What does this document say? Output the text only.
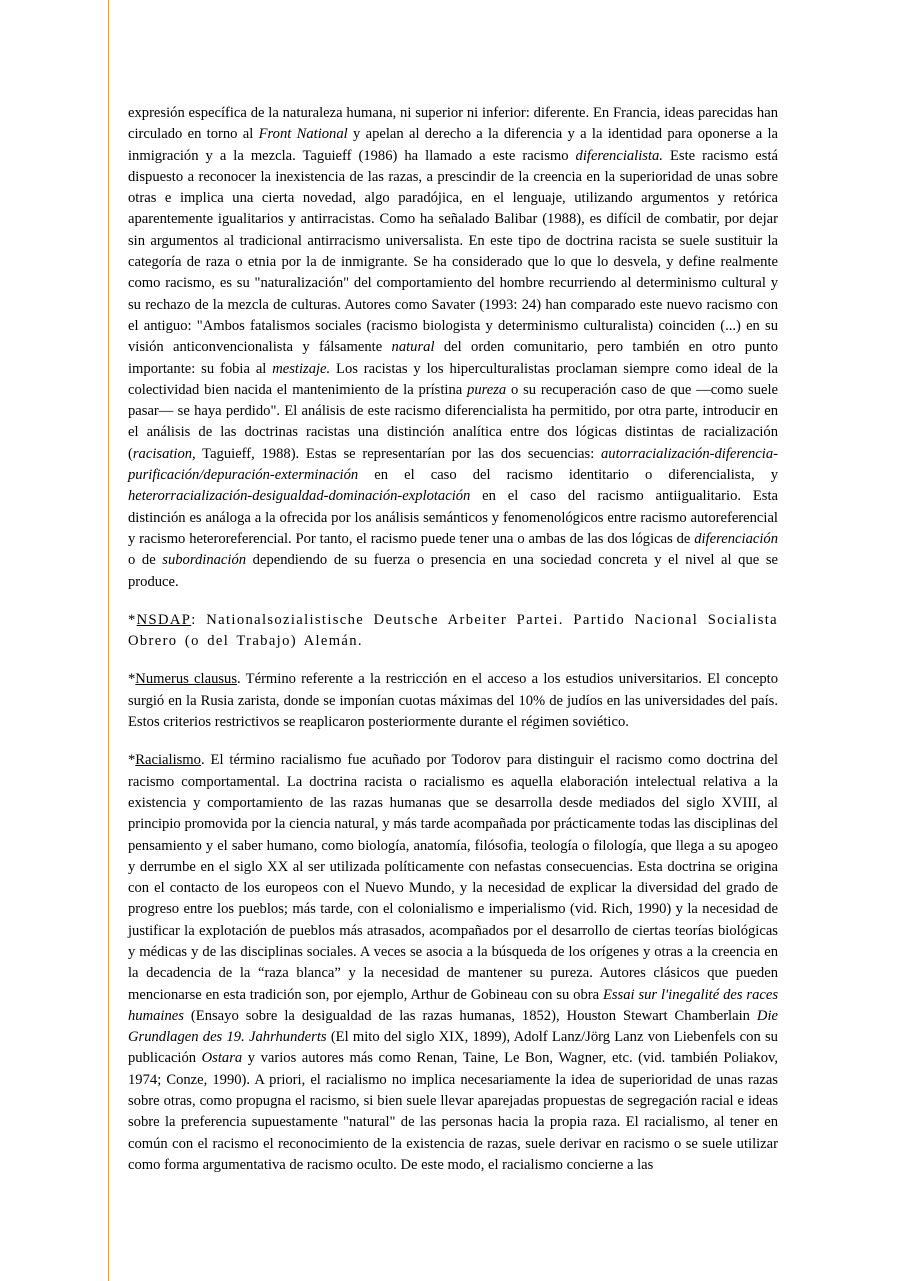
expresión específica de la naturaleza humana, ni superior ni inferior: diferente. En Francia, ideas parecidas han circulado en torno al Front National y apelan al derecho a la diferencia y a la identidad para oponerse a la inmigración y a la mezcla. Taguieff (1986) ha llamado a este racismo diferencialista. Este racismo está dispuesto a reconocer la inexistencia de las razas, a prescindir de la creencia en la superioridad de unas sobre otras e implica una cierta novedad, algo paradójica, en el lenguaje, utilizando argumentos y retórica aparentemente igualitarios y antirracistas. Como ha señalado Balibar (1988), es difícil de combatir, por dejar sin argumentos al tradicional antirracismo universalista. En este tipo de doctrina racista se suele sustituir la categoría de raza o etnia por la de inmigrante. Se ha considerado que lo que lo desvela, y define realmente como racismo, es su "naturalización" del comportamiento del hombre recurriendo al determinismo cultural y su rechazo de la mezcla de culturas. Autores como Savater (1993: 24) han comparado este nuevo racismo con el antiguo: "Ambos fatalismos sociales (racismo biologista y determinismo culturalista) coinciden (...) en su visión anticonvencionalista y fálsamente natural del orden comunitario, pero también en otro punto importante: su fobia al mestizaje. Los racistas y los hiperculturalistas proclaman siempre como ideal de la colectividad bien nacida el mantenimiento de la prístina pureza o su recuperación caso de que —como suele pasar— se haya perdido". El análisis de este racismo diferencialista ha permitido, por otra parte, introducir en el análisis de las doctrinas racistas una distinción analítica entre dos lógicas distintas de racialización (racisation, Taguieff, 1988). Estas se representarían por las dos secuencias: autorracialización-diferencia-purificación/depuración-exterminación en el caso del racismo identitario o diferencialista, y heterorracialización-desigualdad-dominación-explotación en el caso del racismo antiigualitario. Esta distinción es análoga a la ofrecida por los análisis semánticos y fenomenológicos entre racismo autoreferencial y racismo heteroreferencial. Por tanto, el racismo puede tener una o ambas de las dos lógicas de diferenciación o de subordinación dependiendo de su fuerza o presencia en una sociedad concreta y el nivel al que se produce.

*NSDAP: Nationalsozialistische Deutsche Arbeiter Partei. Partido Nacional Socialista Obrero (o del Trabajo) Alemán.

*Numerus clausus. Término referente a la restricción en el acceso a los estudios universitarios. El concepto surgió en la Rusia zarista, donde se imponían cuotas máximas del 10% de judíos en las universidades del país. Estos criterios restrictivos se reaplicaron posteriormente durante el régimen soviético.

*Racialismo. El término racialismo fue acuñado por Todorov para distinguir el racismo como doctrina del racismo comportamental. La doctrina racista o racialismo es aquella elaboración intelectual relativa a la existencia y comportamiento de las razas humanas que se desarrolla desde mediados del siglo XVIII, al principio promovida por la ciencia natural, y más tarde acompañada por prácticamente todas las disciplinas del pensamiento y el saber humano, como biología, anatomía, filósofia, teología o filología, que llega a su apogeo y derrumbe en el siglo XX al ser utilizada políticamente con nefastas consecuencias. Esta doctrina se origina con el contacto de los europeos con el Nuevo Mundo, y la necesidad de explicar la diversidad del grado de progreso entre los pueblos; más tarde, con el colonialismo e imperialismo (vid. Rich, 1990) y la necesidad de justificar la explotación de pueblos más atrasados, acompañados por el desarrollo de ciertas teorías biológicas y médicas y de las disciplinas sociales. A veces se asocia a la búsqueda de los orígenes y otras a la creencia en la decadencia de la “raza blanca” y la necesidad de mantener su pureza. Autores clásicos que pueden mencionarse en esta tradición son, por ejemplo, Arthur de Gobineau con su obra Essai sur l'inegalité des races humaines (Ensayo sobre la desigualdad de las razas humanas, 1852), Houston Stewart Chamberlain Die Grundlagen des 19. Jahrhunderts (El mito del siglo XIX, 1899), Adolf Lanz/Jörg Lanz von Liebenfels con su publicación Ostara y varios autores más como Renan, Taine, Le Bon, Wagner, etc. (vid. también Poliakov, 1974; Conze, 1990). A priori, el racialismo no implica necesariamente la idea de superioridad de unas razas sobre otras, como propugna el racismo, si bien suele llevar aparejadas propuestas de segregación racial e ideas sobre la preferencia supuestamente "natural" de las personas hacia la propia raza. El racialismo, al tener en común con el racismo el reconocimiento de la existencia de razas, suele derivar en racismo o se suele utilizar como forma argumentativa de racismo oculto. De este modo, el racialismo concierne a las
